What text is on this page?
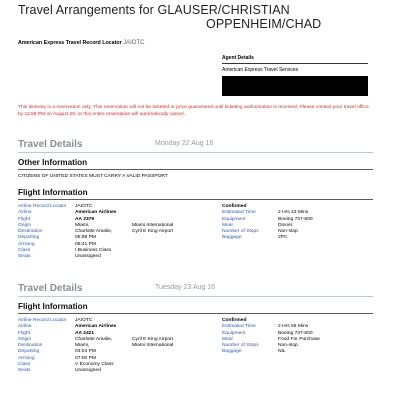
Travel Arrangements for GLAUSER/CHRISTIAN
OPPENHEIM/CHAD
American Express Travel Record Locator JAIOTC
Agent Details
American Express Travel Services
This itinerary is a reservation only. This reservation will not be ticketed or price guaranteed until ticketing authorization is received. Please contact your travel office by 11:59 PM on August 20, or this entire reservation will automatically cancel.
Travel Details	Monday 22 Aug 16
Other Information
CITIZENS OF UNITED STATES MUST CARRY A VALID PASSPORT
Flight Information
Airline Record Locator
Airline
Flight
Origin
Destination
Departing
Arriving
Class
Seats
JAIOTC
American Airlines
AA 2379
Miami,
Charlotte Amalie,
05:58 PM
08:41 PM
I Business Class
Unassigned
Miami International
Cyril E King Airport
Confirmed
Estimated Time
Equipment
Meal
Number of Stops
Baggage
2 Hrs 43 Mins
Boeing 737-800
Dinner
Non-stop
2PC
Travel Details	Tuesday 23 Aug 16
Flight Information
Airline Record Locator
Airline
Flight
Origin
Destination
Departing
Arriving
Class
Seats
JAIOTC
American Airlines
AA 2421
Charlotte Amalie,
Miami,
04:04 PM
07:00 PM
V Economy Class
Unassigned
Cyril E King Airport
Miami International
Confirmed
Estimated Time
Equipment
Meal
Number of Stops
Baggage
2 Hrs 56 Mins
Boeing 737-800
Food For Purchase
Non-stop
NIL
